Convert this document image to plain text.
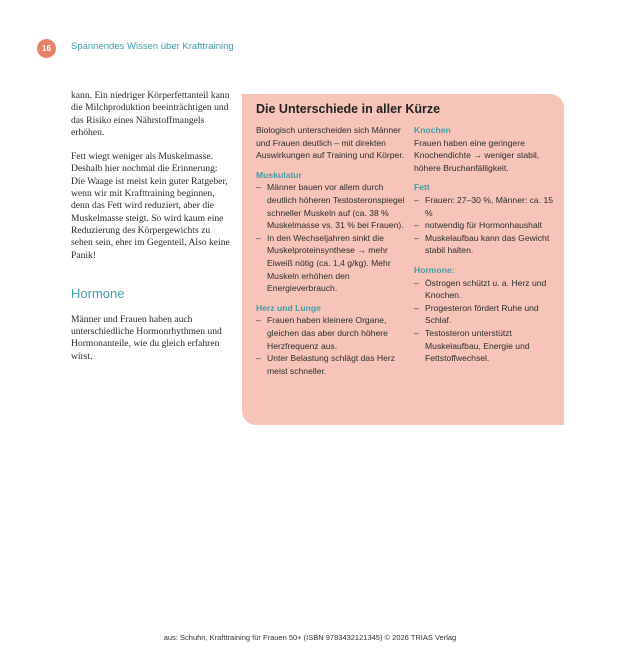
16	Spannendes Wissen über Krafttraining

kann. Ein niedriger Körperfettanteil kann die Milchproduktion beeinträchtigen und das Risiko eines Nährstoffmangels erhöhen.

Fett wiegt weniger als Muskelmasse. Deshalb hier nochmal die Erinnerung: Die Waage ist meist kein guter Ratgeber, wenn wir mit Krafttraining beginnen, denn das Fett wird reduziert, aber die Muskelmasse steigt. So wird kaum eine Reduzierung des Körpergewichts zu sehen sein, eher im Gegenteil. Also keine Panik!

Hormone

Männer und Frauen haben auch unterschiedliche Hormonrhythmen und Hormonanteile, wie du gleich erfahren wirst.

Die Unterschiede in aller Kürze

Biologisch unterscheiden sich Männer und Frauen deutlich – mit direkten Auswirkungen auf Training und Körper.

Muskulatur
– Männer bauen vor allem durch deutlich höheren Testosteronspiegel schneller Muskeln auf (ca. 38 % Muskelmasse vs. 31 % bei Frauen).
– In den Wechseljahren sinkt die Muskelproteinsynthese → mehr Eiweiß nötig (ca. 1,4 g/kg). Mehr Muskeln erhöhen den Energieverbrauch.
Herz und Lunge
– Frauen haben kleinere Organe, gleichen das aber durch höhere Herzfrequenz aus.
– Unter Belastung schlägt das Herz meist schneller.
Knochen

Frauen haben eine geringere Knochendichte → weniger stabil, höhere Bruchanfälligkeit.

Fett
– Frauen: 27–30 %, Männer: ca. 15 %
– notwendig für Hormonhaushalt
– Muskelaufbau kann das Gewicht stabil halten.
Hormone:
– Östrogen schützt u. a. Herz und Knochen.
– Progesteron fördert Ruhe und Schlaf.
– Testosteron unterstützt Muskelaufbau, Energie und Fettstoffwechsel.
aus: Schuhn, Krafttraining für Frauen 50+ (ISBN 9783432121345) © 2026 TRIAS Verlag
